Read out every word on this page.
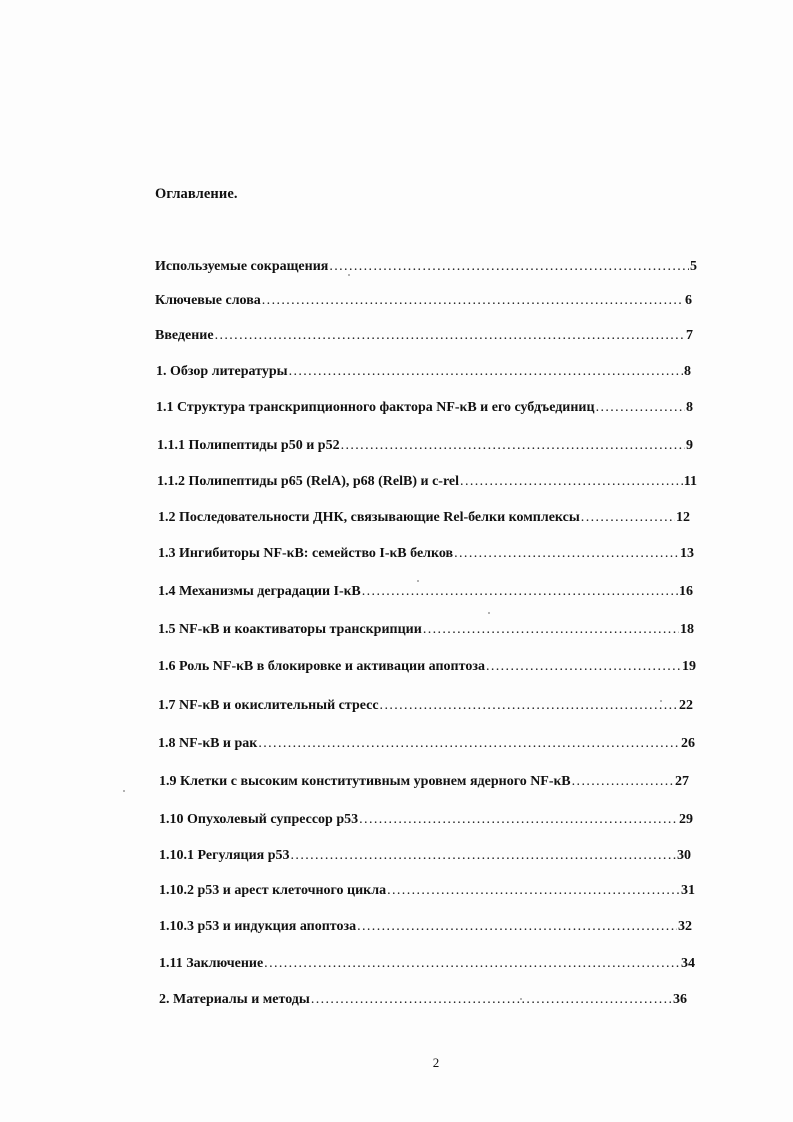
Оглавление.
Используемые сокращения .....	5
Ключевые слова .....	6
Введение .....	7
1. Обзор литературы .....	8
1.1 Структура транскрипционного фактора NF-κB и его субдъединиц .....	8
1.1.1 Полипептиды p50 и p52 .....	9
1.1.2 Полипептиды p65 (RelA), p68 (RelB) и c-rel .....	11
1.2 Последовательности ДНК, связывающие Rel-белки комплексы .....	12
1.3 Ингибиторы NF-κB: семейство I-κB белков .....	13
1.4 Механизмы деградации I-κB .....	16
1.5 NF-κB и коактиваторы транскрипции .....	18
1.6 Роль NF-κB в блокировке и активации апоптоза .....	19
1.7 NF-κB и окислительный стресс .....	22
1.8 NF-κB и рак .....	26
1.9 Клетки с высоким конститутивным уровнем ядерного NF-κB .....	27
1.10 Опухолевый супрессор p53 .....	29
1.10.1 Регуляция p53 .....	30
1.10.2 p53 и арест клеточного цикла .....	31
1.10.3 p53 и индукция апоптоза .....	32
1.11 Заключение .....	34
2. Материалы и методы .....	36
2
